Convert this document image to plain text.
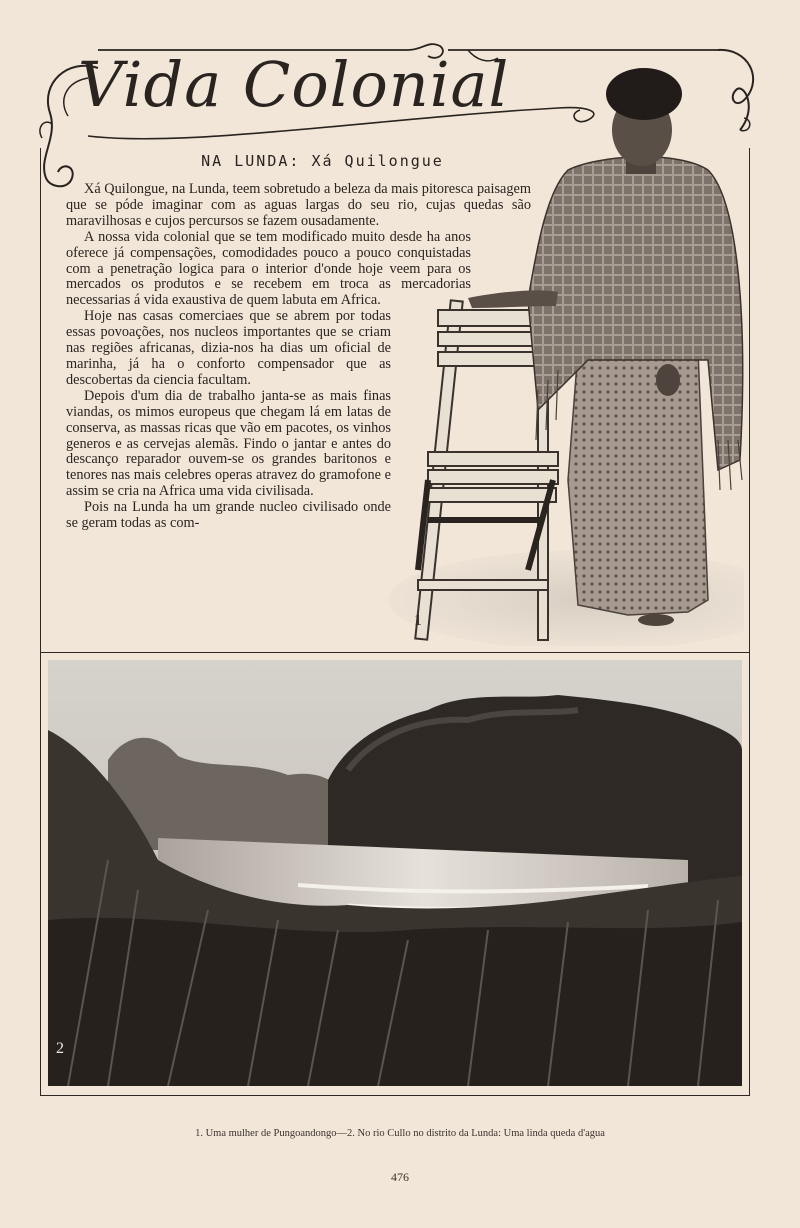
Vida Colonial
NA LUNDA: Xá Quilongue
1

Xá Quilongue, na Lunda, teem sobretudo a beleza da mais pitoresca paisagem que se póde imaginar com as aguas largas do seu rio, cujas quedas são maravilhosas e cujos percursos se fazem ousadamente.

A nossa vida colonial que se tem modificado muito desde ha anos oferece já compensações, comodidades pouco a pouco conquistadas com a penetração logica para o interior d'onde hoje veem para os mercados os produtos e se recebem em troca as mercadorias necessarias á vida exaustiva de quem labuta em Africa.

Hoje nas casas comerciaes que se abrem por todas essas povoações, nos nucleos importantes que se criam nas regiões africanas, dizia-nos ha dias um oficial de marinha, já ha o conforto compensador que as descobertas da ciencia facultam.

Depois d'um dia de trabalho janta-se as mais finas viandas, os mimos europeus que chegam lá em latas de conserva, as massas ricas que vão em pacotes, os vinhos generos e as cervejas alemãs. Findo o jantar e antes do descanço reparador ouvem-se os grandes baritonos e tenores nas mais celebres operas atravez do gramofone e assim se cria na Africa uma vida civilisada.

Pois na Lunda ha um grande nucleo civilisado onde se geram todas as com-

2
1. Uma mulher de Pungoandongo—2. No rio Cullo no distrito da Lunda: Uma linda queda d'agua
476
